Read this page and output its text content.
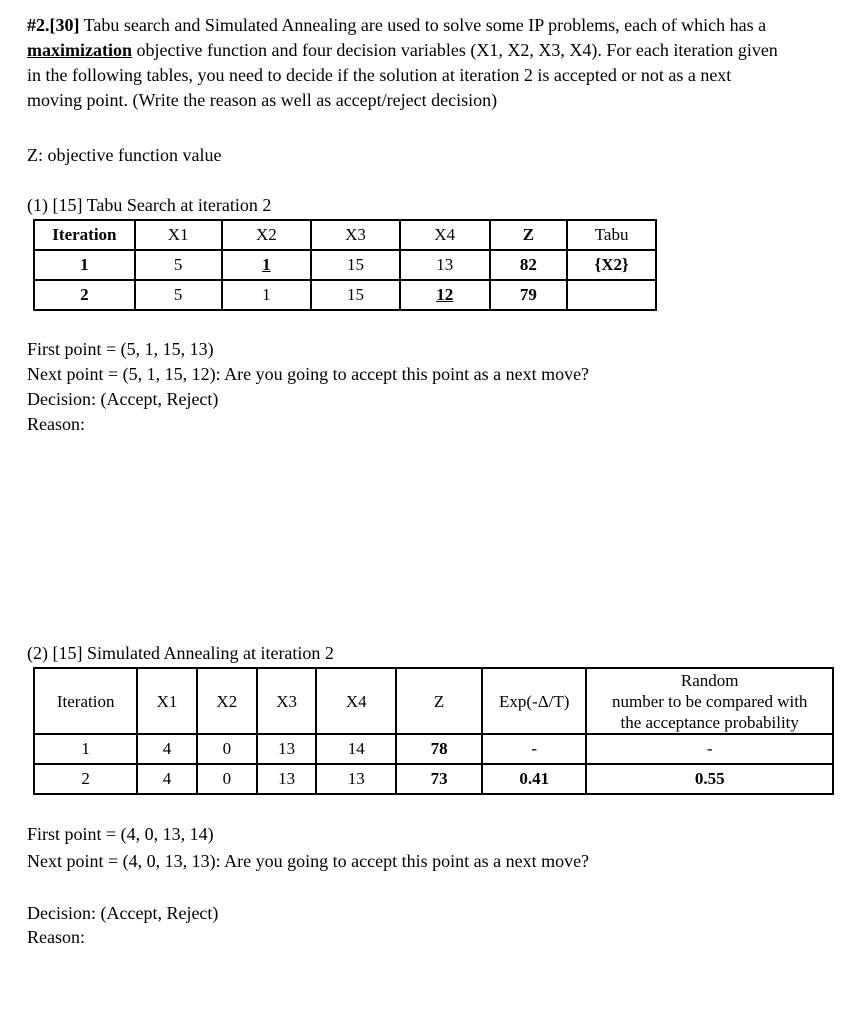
#2.[30] Tabu search and Simulated Annealing are used to solve some IP problems, each of which has a
maximization objective function and four decision variables (X1, X2, X3, X4). For each iteration given
in the following tables, you need to decide if the solution at iteration 2 is accepted or not as a next
moving point. (Write the reason as well as accept/reject decision)
Z: objective function value
(1) [15] Tabu Search at iteration 2
Iteration	X1	X2	X3	X4	Z	Tabu
1	5	1	15	13	82	{X2}
2	5	1	15	12	79	
First point = (5, 1, 15, 13)
Next point = (5, 1, 15, 12): Are you going to accept this point as a next move?
Decision: (Accept, Reject)
Reason:
(2) [15] Simulated Annealing at iteration 2
Iteration	X1	X2	X3	X4	Z	Exp(-Δ/T)	Random
number to be compared with
the acceptance probability

1	4	0	13	14	78	-	-
2	4	0	13	13	73	0.41	0.55
First point = (4, 0, 13, 14)
Next point = (4, 0, 13, 13): Are you going to accept this point as a next move?
Decision: (Accept, Reject)
Reason:
